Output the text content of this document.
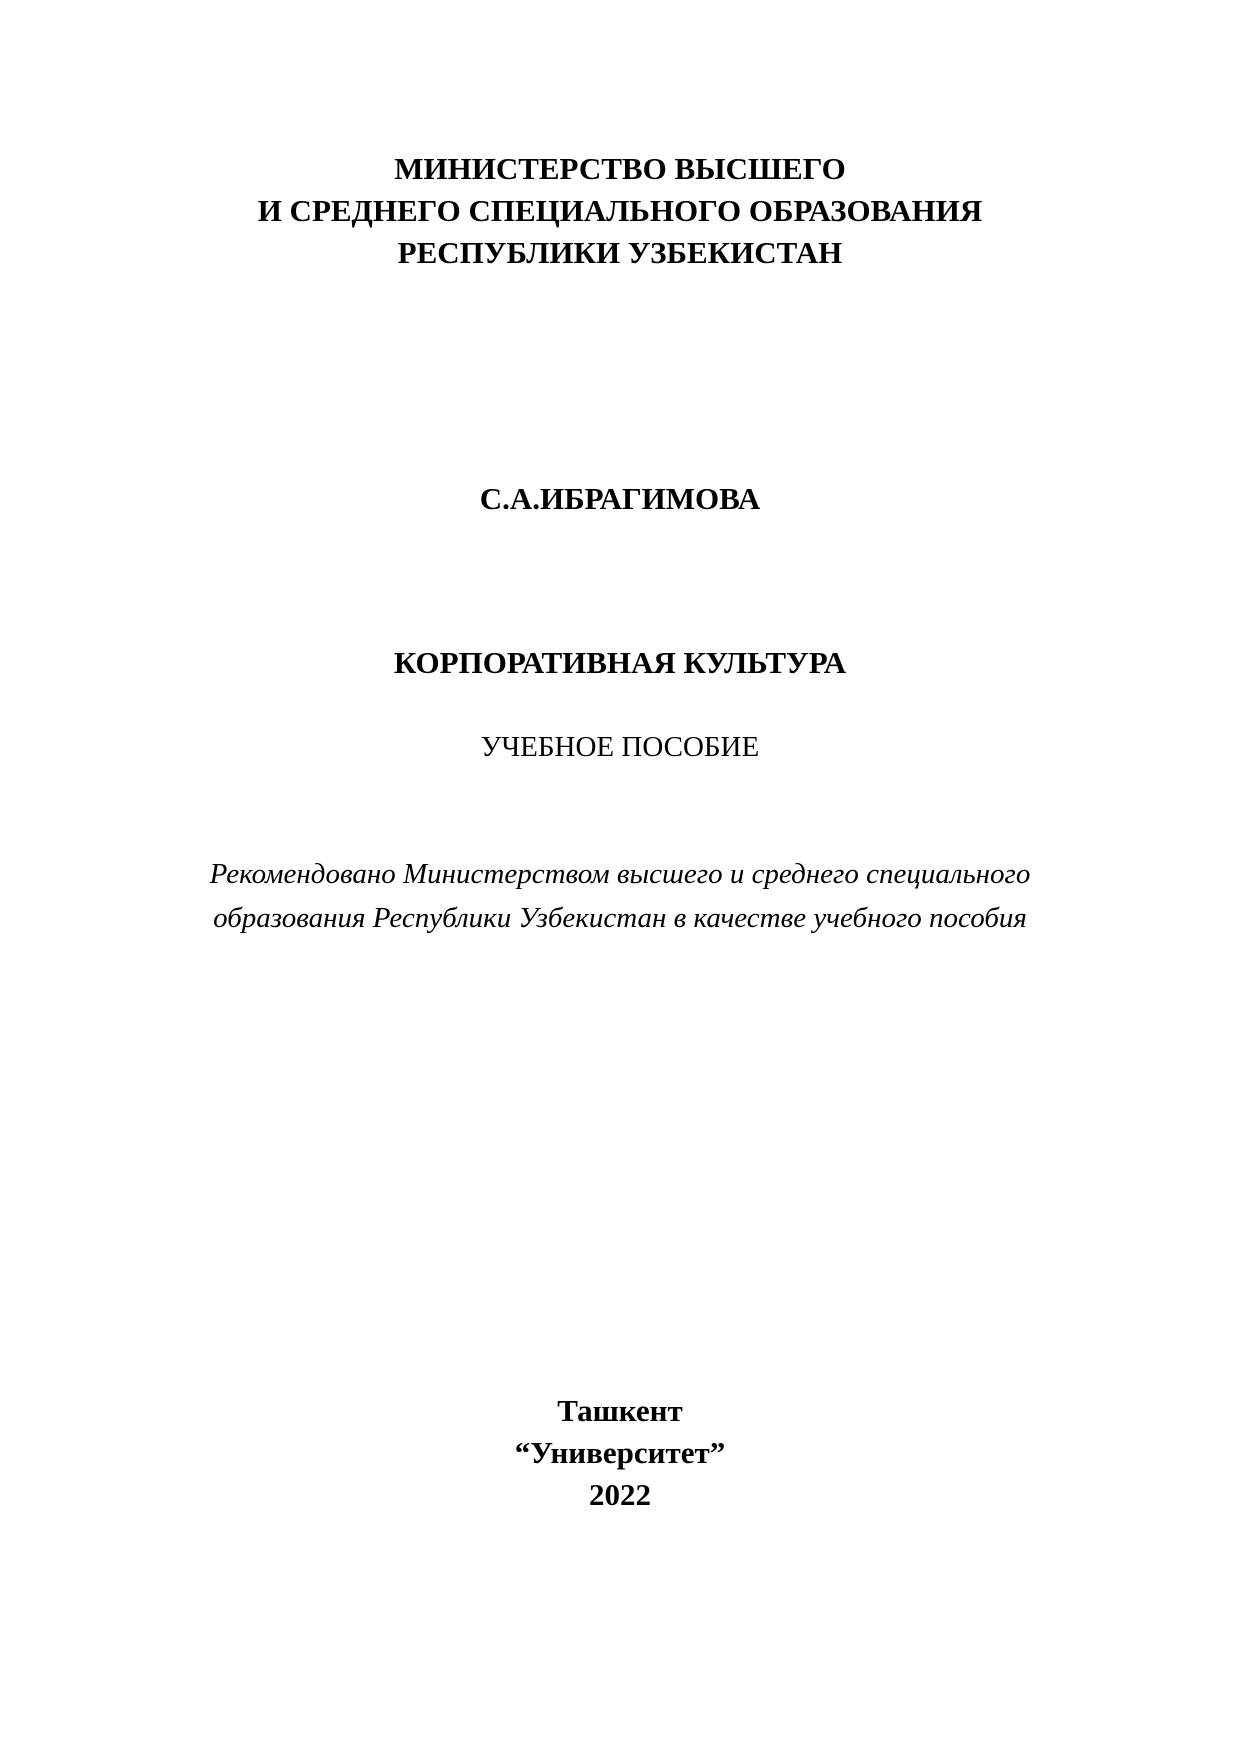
МИНИСТЕРСТВО ВЫСШЕГО
И СРЕДНЕГО СПЕЦИАЛЬНОГО ОБРАЗОВАНИЯ
РЕСПУБЛИКИ УЗБЕКИСТАН
С.А.ИБРАГИМОВА
КОРПОРАТИВНАЯ КУЛЬТУРА
УЧЕБНОЕ ПОСОБИЕ
Рекомендовано Министерством высшего и среднего специального
образования Республики Узбекистан в качестве учебного пособия
Ташкент
“Университет”
2022
